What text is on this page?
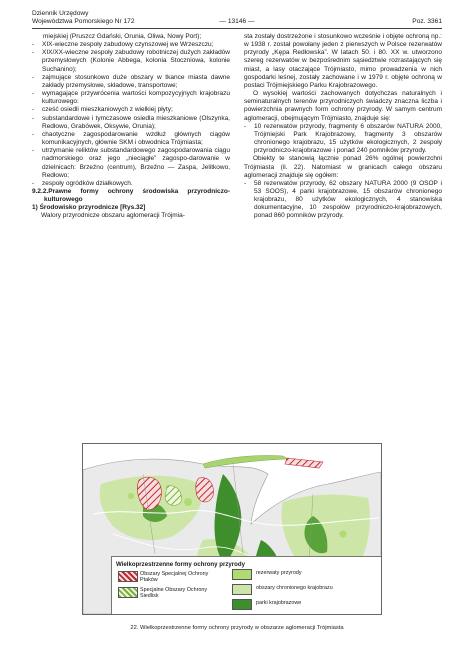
Dziennik Urzędowy
Województwa Pomorskiego Nr 172	— 13146 —	Poz. 3361

miejskiej (Pruszcz Gdański, Orunia, Oliwa, Nowy Port);

- XIX-wieczne zespoły zabudowy czynszowej we Wrzeszczu;

- XIX/XX-wieczne zespoły zabudowy robotniczej dużych zakładów przemysłowych (Kolonie Abbega, kolonia Stoczniowa, kolonie Suchanino);

- zajmujące stosunkowo duże obszary w tkance miasta dawne zakłady przemysłowe, składowe, transportowe;

- wymagające przywrócenia wartości kompozycyjnych krajobrazu kulturowego:

- cześć osiedli mieszkaniowych z wielkiej płyty;

- substandardowe i tymczasowe osiedla mieszkaniowe (Olszynka, Redłowo, Grabówek, Oksywie, Orunia);

- chaotyczne zagospodarowanie wzdłuż głównych ciągów komunikacyjnych, głównie SKM i obwodnica Trójmiasta;

- utrzymanie reliktów substandardowego zagospodarowania ciągu nadmorskiego oraz jego „nieciągłe” zagospo-darowanie w dzielnicach: Brzeźno (centrum), Brzeźno — Zaspa, Jelitkowo, Redłowo;

- zespoły ogródków działkowych.

9.2.2.Prawne formy ochrony środowiska przyrodniczo-kulturowego

1) Środowisko przyrodnicze [Rys.32]

Walory przyrodnicze obszaru aglomeracji Trójmia-

sta zostały dostrzeżone i stosunkowo wcześnie i objęte ochroną np.: w 1938 r. został powołany jeden z pierwszych w Polsce rezerwatów przyrody „Kępa Redłowska”. W latach 50. i 80. XX w. utworzono szereg rezerwatów w bezpośrednim sąsiedztwie rozrastających się miast, a lasy otaczające Trójmiasto, mimo prowadzenia w nich gospodarki leśnej, zostały zachowane i w 1979 r. objęte ochroną w postaci Trójmiejskiego Parku Krajobrazowego.

O wysokiej wartości zachowanych dotychczas naturalnych i seminaturalnych terenów przyrodniczych świadczy znaczna liczba i powierzchnia prawnych form ochrony przyrody. W samym centrum aglomeracji, obejmującym Trójmiasto, znajduje się:

- 10 rezerwatów przyrody, fragmenty 6 obszarów NATURA 2000, Trójmiejski Park Krajobrazowy, fragmenty 3 obszarów chronionego krajobrazu, 15 użytków ekologicznych, 2 zespoły przyrodniczo-krajobrazowe i ponad 240 pomników przyrody.

Obiekty te stanowią łącznie ponad 26% ogólnej powierzchni Trójmiasta (il. 22). Natomiast w granicach całego obszaru aglomeracji znajduje się ogółem:

- 58 rezerwatów przyrody, 62 obszary NATURA 2000 (9 OSOP i 53 SOOS), 4 parki krajobrazowe, 15 obszarów chronionego krajobrazu, 80 użytków ekologicznych, 4 stanowiska dokumentacyjne, 10 zespołów przyrodniczo-krajobrazowych, ponad 860 pomników przyrody.

Wielkoprzestrzenne formy ochrony przyrody
Obszary Specjalnej Ochrony Ptaków
Specjalne Obszary Ochrony Siedlisk
rezerwaty przyrody
obszary chronionego krajobrazu
parki krajobrazowe
22. Wielkoprzestrzenne formy ochrony przyrody w obszarze aglomeracji Trójmiasta
